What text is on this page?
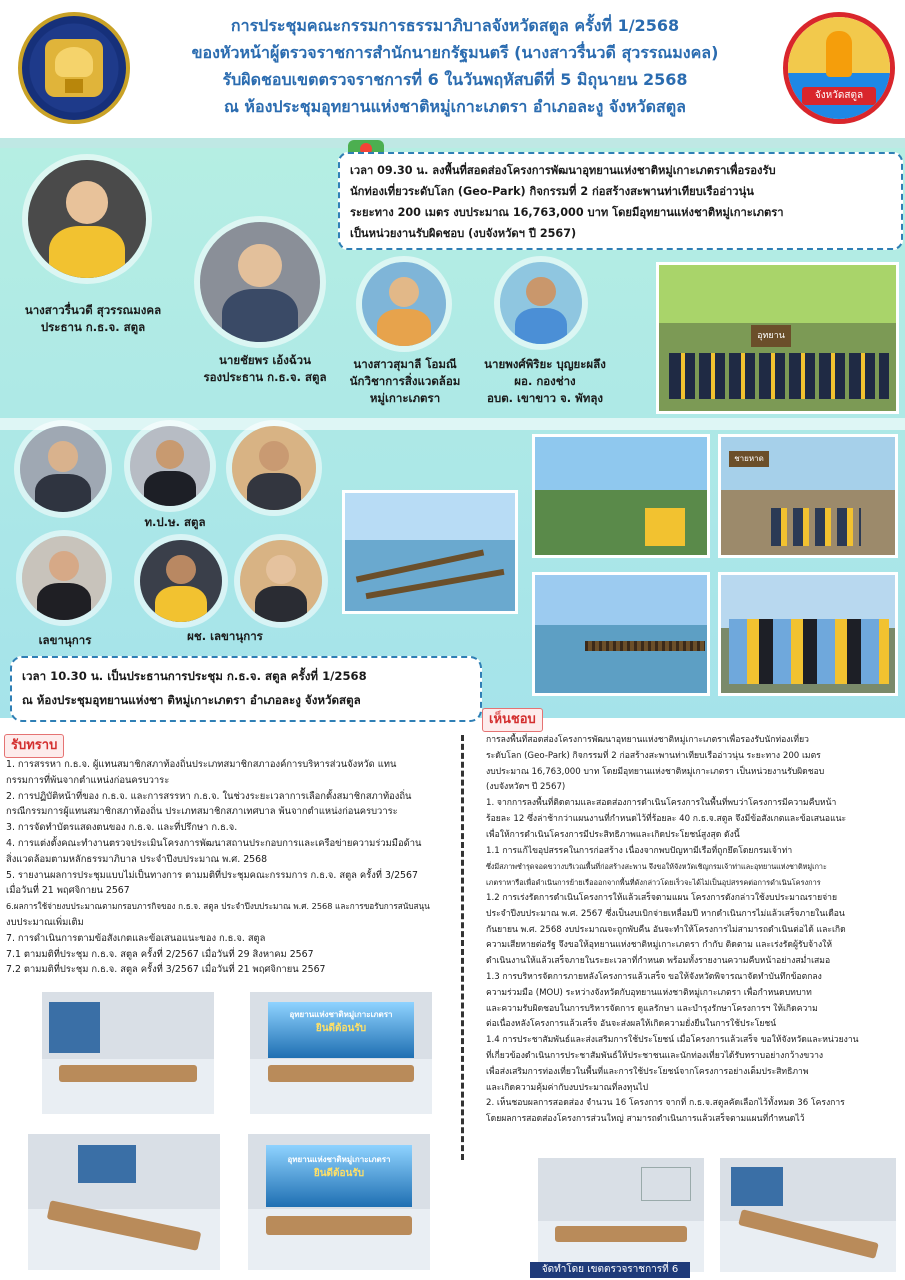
การประชุมคณะกรรมการธรรมาภิบาลจังหวัดสตูล ครั้งที่ 1/2568
ของหัวหน้าผู้ตรวจราชการสำนักนายกรัฐมนตรี (นางสาวรื่นวดี สุวรรณมงคล)
รับผิดชอบเขตตรวจราชการที่ 6 ในวันพฤหัสบดีที่ 5 มิถุนายน 2568
ณ ห้องประชุมอุทยานแห่งชาติหมู่เกาะเภตรา อำเภอละงู จังหวัดสตูล
จังหวัดสตูล
นางสาวรื่นวดี สุวรรณมงคล
ประธาน ก.ธ.จ. สตูล
นายชัยพร เอ้งฉ้วน
รองประธาน ก.ธ.จ. สตูล
นางสาวสุมาลี โอมณี
นักวิชาการสิ่งแวดล้อม
หมู่เกาะเภตรา
นายพงศ์พิริยะ บุญยะผลึง
ผอ. กองช่าง
อบต. เขาขาว จ. พัทลุง
เวลา 09.30 น. ลงพื้นที่สอดส่องโครงการพัฒนาอุทยานแห่งชาติหมู่เกาะเภตราเพื่อรองรับ
นักท่องเที่ยวระดับโลก (Geo-Park) กิจกรรมที่ 2 ก่อสร้างสะพานท่าเทียบเรืออ่าวนุ่น
ระยะทาง 200 เมตร งบประมาณ 16,763,000 บาท โดยมีอุทยานแห่งชาติหมู่เกาะเภตรา
เป็นหน่วยงานรับผิดชอบ (งบจังหวัดฯ ปี 2567)
อุทยาน
ท.ป.ษ. สตูล
เลขานุการ	ผช. เลขานุการ
ชายหาด
เวลา 10.30 น. เป็นประธานการประชุม ก.ธ.จ. สตูล ครั้งที่ 1/2568
ณ ห้องประชุมอุทยานแห่งชา ติหมู่เกาะเภตรา อำเภอละงู จังหวัดสตูล
รับทราบ
1. การสรรหา ก.ธ.จ. ผู้แทนสมาชิกสภาท้องถิ่นประเภทสมาชิกสภาองค์การบริหารส่วนจังหวัด แทน
กรรมการที่พ้นจากตำแหน่งก่อนครบวาระ
2. การปฏิบัติหน้าที่ของ ก.ธ.จ. และการสรรหา ก.ธ.จ. ในช่วงระยะเวลาการเลือกตั้งสมาชิกสภาท้องถิ่น
กรณีกรรมการผู้แทนสมาชิกสภาท้องถิ่น ประเภทสมาชิกสภาเทศบาล พ้นจากตำแหน่งก่อนครบวาระ
3. การจัดทำบัตรแสดงตนของ ก.ธ.จ. และที่ปรึกษา ก.ธ.จ.
4. การแต่งตั้งคณะทำงานตรวจประเมินโครงการพัฒนาสถานประกอบการและเครือข่ายความร่วมมือด้าน
สิ่งแวดล้อมตามหลักธรรมาภิบาล ประจำปีงบประมาณ พ.ศ. 2568
5. รายงานผลการประชุมแบบไม่เป็นทางการ ตามมติที่ประชุมคณะกรรมการ ก.ธ.จ. สตูล ครั้งที่ 3/2567
เมื่อวันที่ 21 พฤศจิกายน 2567
6.ผลการใช้จ่ายงบประมาณตามกรอบภารกิจของ ก.ธ.จ. สตูล ประจำปีงบประมาณ พ.ศ. 2568 และการขอรับการสนับสนุน
งบประมาณเพิ่มเติม
7. การดำเนินการตามข้อสังเกตและข้อเสนอแนะของ ก.ธ.จ. สตูล
7.1 ตามมติที่ประชุม ก.ธ.จ. สตูล ครั้งที่ 2/2567 เมื่อวันที่ 29 สิงหาคม 2567
7.2 ตามมติที่ประชุม ก.ธ.จ. สตูล ครั้งที่ 3/2567 เมื่อวันที่ 21 พฤศจิกายน 2567
อุทยานแห่งชาติหมู่เกาะเภตรา
ยินดีต้อนรับ
อุทยานแห่งชาติหมู่เกาะเภตรา
ยินดีต้อนรับ
เห็นชอบ
การลงพื้นที่สอดส่องโครงการพัฒนาอุทยานแห่งชาติหมู่เกาะเภตราเพื่อรองรับนักท่องเที่ยว
ระดับโลก (Geo-Park) กิจกรรมที่ 2 ก่อสร้างสะพานท่าเทียบเรืออ่าวนุ่น ระยะทาง 200 เมตร
งบประมาณ 16,763,000 บาท โดยมีอุทยานแห่งชาติหมู่เกาะเภตรา เป็นหน่วยงานรับผิดชอบ
(งบจังหวัดฯ ปี 2567)
1. จากการลงพื้นที่ติดตามและสอดส่องการดำเนินโครงการในพื้นที่พบว่าโครงการมีความคืบหน้า
ร้อยละ 12 ซึ่งล่าช้ากว่าแผนงานที่กำหนดไว้ที่ร้อยละ 40 ก.ธ.จ.สตูล จึงมีข้อสังเกตและข้อเสนอแนะ
เพื่อให้การดำเนินโครงการมีประสิทธิภาพและเกิดประโยชน์สูงสุด ดังนี้
1.1 การแก้ไขอุปสรรคในการก่อสร้าง เนื่องจากพบปัญหามีเรือที่ถูกยึดโดยกรมเจ้าท่า
ซึ่งมีสภาพชำรุดจอดขวางบริเวณพื้นที่ก่อสร้างสะพาน จึงขอให้จังหวัดเชิญกรมเจ้าท่าและอุทยานแห่งชาติหมู่เกาะ
เภตราหารือเพื่อดำเนินการย้ายเรือออกจากพื้นที่ดังกล่าวโดยเร็วจะได้ไม่เป็นอุปสรรคต่อการดำเนินโครงการ
1.2 การเร่งรัดการดำเนินโครงการให้แล้วเสร็จตามแผน โครงการดังกล่าวใช้งบประมาณรายจ่าย
ประจำปีงบประมาณ พ.ศ. 2567 ซึ่งเป็นงบเบิกจ่ายเหลื่อมปี หากดำเนินการไม่แล้วเสร็จภายในเดือน
กันยายน พ.ศ. 2568 งบประมาณจะถูกพับคืน อันจะทำให้โครงการไม่สามารถดำเนินต่อได้ และเกิด
ความเสียหายต่อรัฐ จึงขอให้อุทยานแห่งชาติหมู่เกาะเภตรา กำกับ ติดตาม และเร่งรัดผู้รับจ้างให้
ดำเนินงานให้แล้วเสร็จภายในระยะเวลาที่กำหนด พร้อมทั้งรายงานความคืบหน้าอย่างสม่ำเสมอ
1.3 การบริหารจัดการภายหลังโครงการแล้วเสร็จ ขอให้จังหวัดพิจารณาจัดทำบันทึกข้อตกลง
ความร่วมมือ (MOU) ระหว่างจังหวัดกับอุทยานแห่งชาติหมู่เกาะเภตรา เพื่อกำหนดบทบาท
และความรับผิดชอบในการบริหารจัดการ ดูแลรักษา และบำรุงรักษาโครงการฯ ให้เกิดความ
ต่อเนื่องหลังโครงการแล้วเสร็จ อันจะส่งผลให้เกิดความยั่งยืนในการใช้ประโยชน์
1.4 การประชาสัมพันธ์และส่งเสริมการใช้ประโยชน์ เมื่อโครงการแล้วเสร็จ ขอให้จังหวัดและหน่วยงาน
ที่เกี่ยวข้องดำเนินการประชาสัมพันธ์ให้ประชาชนและนักท่องเที่ยวได้รับทราบอย่างกว้างขวาง
เพื่อส่งเสริมการท่องเที่ยวในพื้นที่และการใช้ประโยชน์จากโครงการอย่างเต็มประสิทธิภาพ
และเกิดความคุ้มค่ากับงบประมาณที่ลงทุนไป
2. เห็นชอบผลการสอดส่อง จำนวน 16 โครงการ จากที่ ก.ธ.จ.สตูลคัดเลือกไว้ทั้งหมด 36 โครงการ
โดยผลการสอดส่องโครงการส่วนใหญ่ สามารถดำเนินการแล้วเสร็จตามแผนที่กำหนดไว้
จัดทำโดย เขตตรวจราชการที่ 6
